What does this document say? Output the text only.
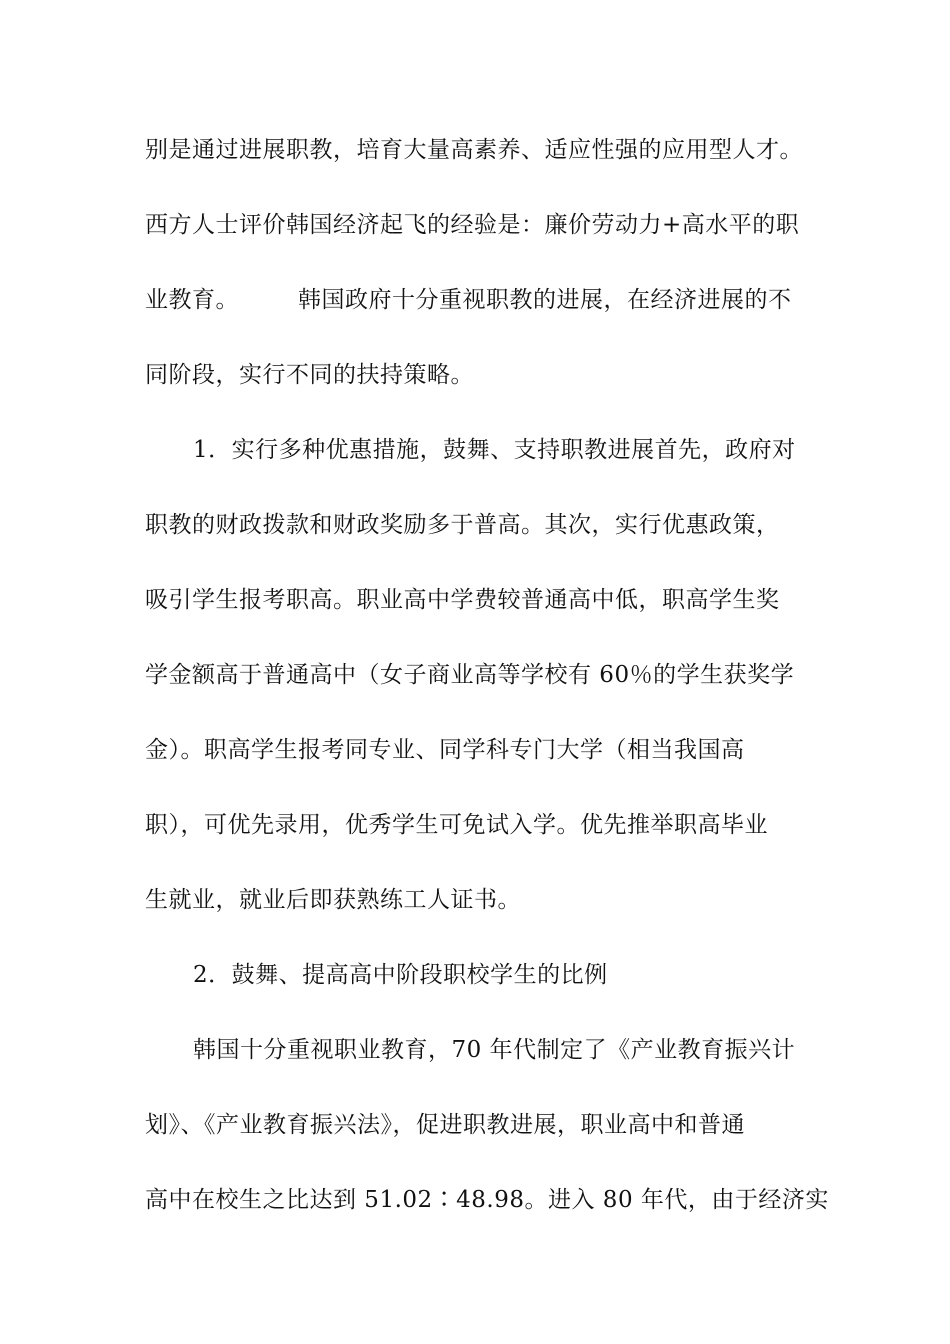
别是通过进展职教，培育大量高素养、适应性强的应用型人才。
西方人士评价韩国经济起飞的经验是：廉价劳动力+高水平的职
业教育。　　　韩国政府十分重视职教的进展，在经济进展的不
同阶段，实行不同的扶持策略。
1．实行多种优惠措施，鼓舞、支持职教进展首先，政府对
职教的财政拨款和财政奖励多于普高。其次，实行优惠政策，
吸引学生报考职高。职业高中学费较普通高中低，职高学生奖
学金额高于普通高中（女子商业高等学校有 60％的学生获奖学
金）。职高学生报考同专业、同学科专门大学（相当我国高
职），可优先录用，优秀学生可免试入学。优先推举职高毕业
生就业，就业后即获熟练工人证书。
2．鼓舞、提高高中阶段职校学生的比例
韩国十分重视职业教育，70 年代制定了《产业教育振兴计
划》、《产业教育振兴法》，促进职教进展，职业高中和普通
高中在校生之比达到 51.02∶48.98。进入 80 年代，由于经济实
